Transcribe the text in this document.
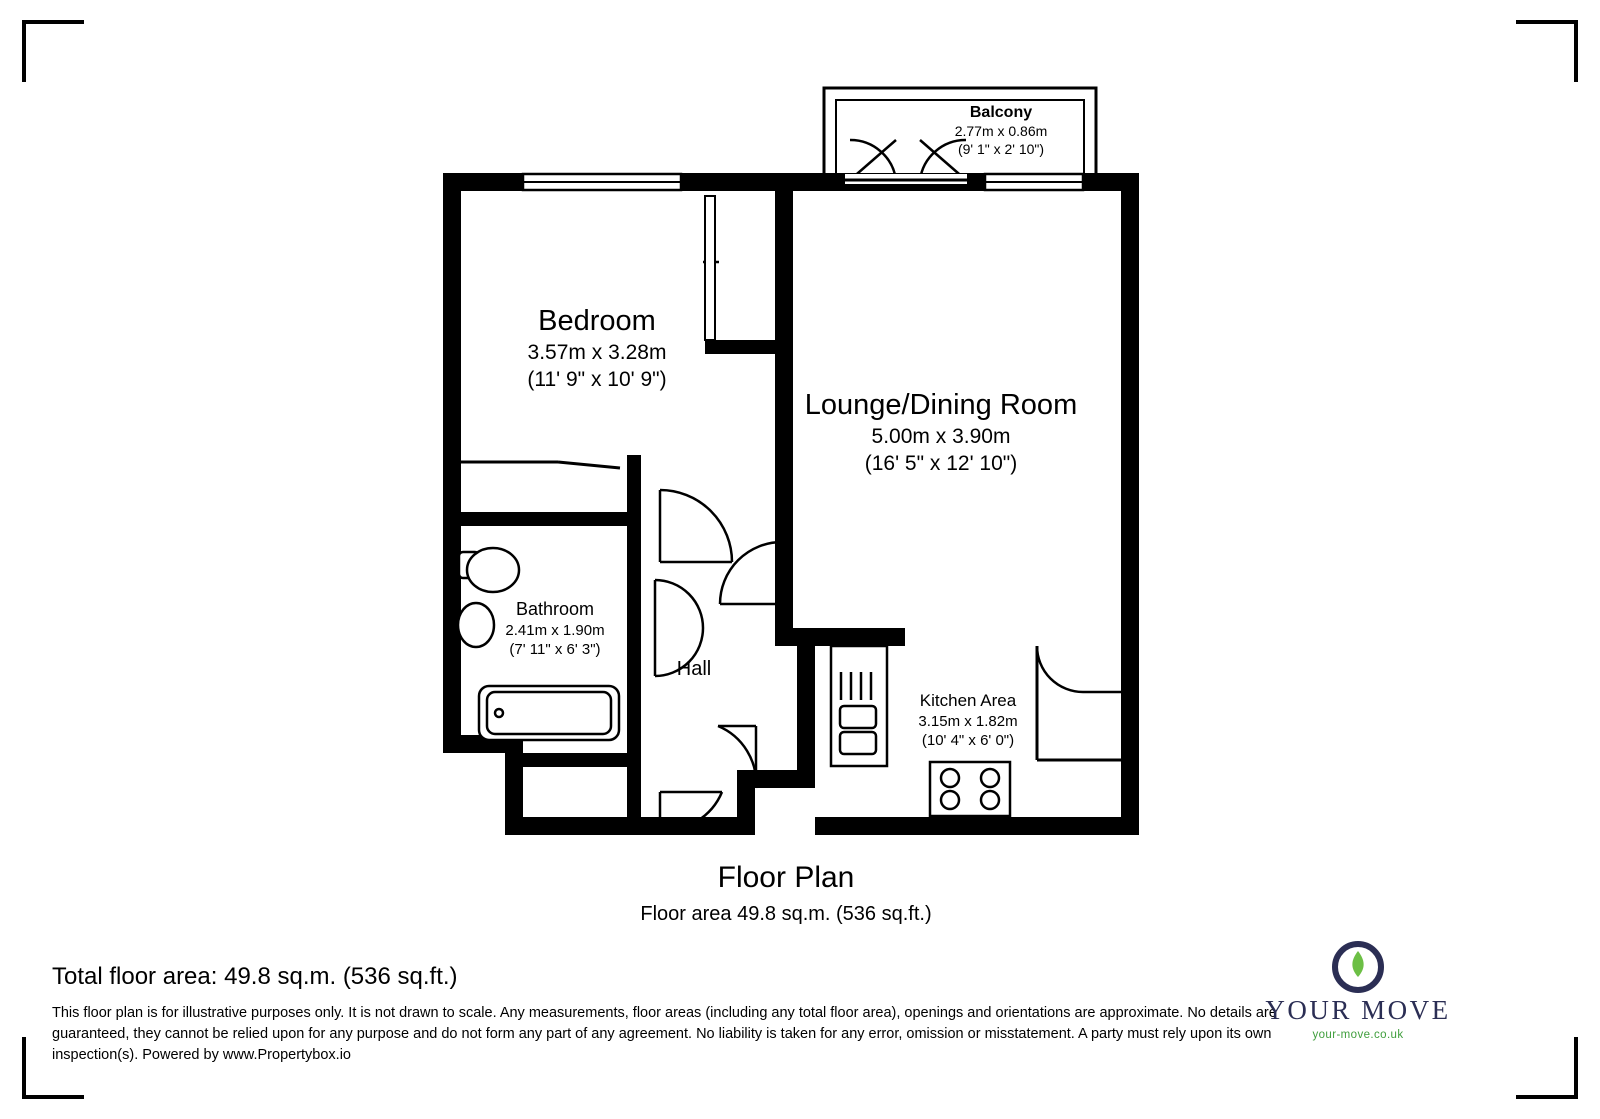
Bedroom
3.57m x 3.28m
(11' 9" x 10' 9")
Lounge/Dining Room
5.00m x 3.90m
(16' 5" x 12' 10")
Balcony
2.77m x 0.86m
(9' 1" x 2' 10")
Bathroom
2.41m x 1.90m
(7' 11" x 6' 3")
Kitchen Area
3.15m x 1.82m
(10' 4" x 6' 0")
Hall
Floor Plan
Floor area 49.8 sq.m. (536 sq.ft.)
Total floor area: 49.8 sq.m. (536 sq.ft.)
This floor plan is for illustrative purposes only. It is not drawn to scale. Any measurements, floor areas (including any total floor area), openings and orientations are approximate. No details are guaranteed, they cannot be relied upon for any purpose and do not form any part of any agreement. No liability is taken for any error, omission or misstatement. A party must rely upon its own inspection(s). Powered by www.Propertybox.io
YOUR MOVE
your-move.co.uk
